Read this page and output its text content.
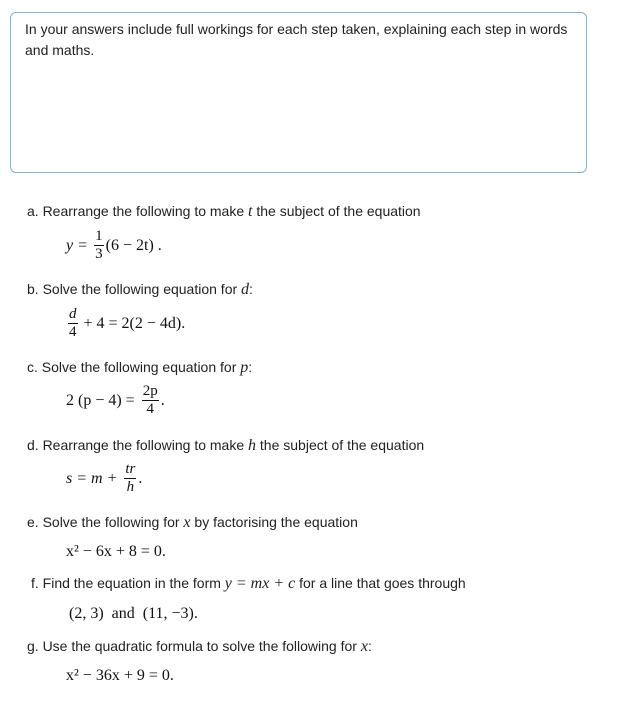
In your answers include full workings for each step taken, explaining each step in words and maths.
a. Rearrange the following to make t the subject of the equation
$y = \frac{1}{3} (6 - 2t)$ .
b. Solve the following equation for d:
$\frac{d}{4} + 4 = 2(2 - 4d)$.
c. Solve the following equation for p:
2 $(p - 4) = \frac{2p}{4}$ .
d. Rearrange the following to make h the subject of the equation
$s = m + \frac{tr}{h}$ .
e. Solve the following for x by factorising the equation
x² − 6x + 8 = 0.
f. Find the equation in the form y = mx + c for a line that goes through
(2, 3)  and  (11, −3).
g. Use the quadratic formula to solve the following for x:
x² − 36x + 9 = 0.
